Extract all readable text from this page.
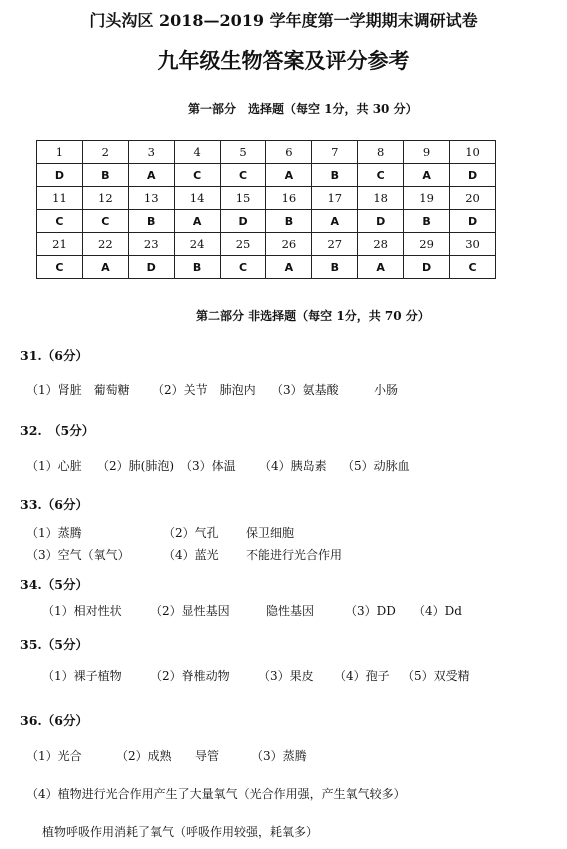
门头沟区 2018—2019 学年度第一学期期末调研试卷
九年级生物答案及评分参考
第一部分　选择题（每空 1分，共 30 分）
1	2	3	4	5	6	7	8	9	10
D	B	A	C	C	A	B	C	A	D
11	12	13	14	15	16	17	18	19	20
C	C	B	A	D	B	A	D	B	D
21	22	23	24	25	26	27	28	29	30
C	A	D	B	C	A	B	A	D	C
第二部分 非选择题（每空 1分，共 70 分）
31.（6分）
（1）肾脏　葡萄糖 （2）关节　肺泡内 （3）氨基酸	小肠
32.　（5分）
（1）心脏 （2）肺(肺泡) （3）体温 （4）胰岛素 （5）动脉血
33.（6分）
（1）蒸腾	（2）气孔 保卫细胞
（3）空气（氧气）	（4）蓝光 不能进行光合作用
34.（5分）
（1）相对性状 （2）显性基因	隐性基因	（3）DD （4）Dd
35.（5分）
（1）裸子植物 （2）脊椎动物 （3）果皮 （4）孢子 （5）双受精
36.（6分）
（1）光合	（2）成熟 导管	（3）蒸腾
（4）植物进行光合作用产生了大量氧气（光合作用强，产生氧气较多）
植物呼吸作用消耗了氧气（呼吸作用较强，耗氧多）
